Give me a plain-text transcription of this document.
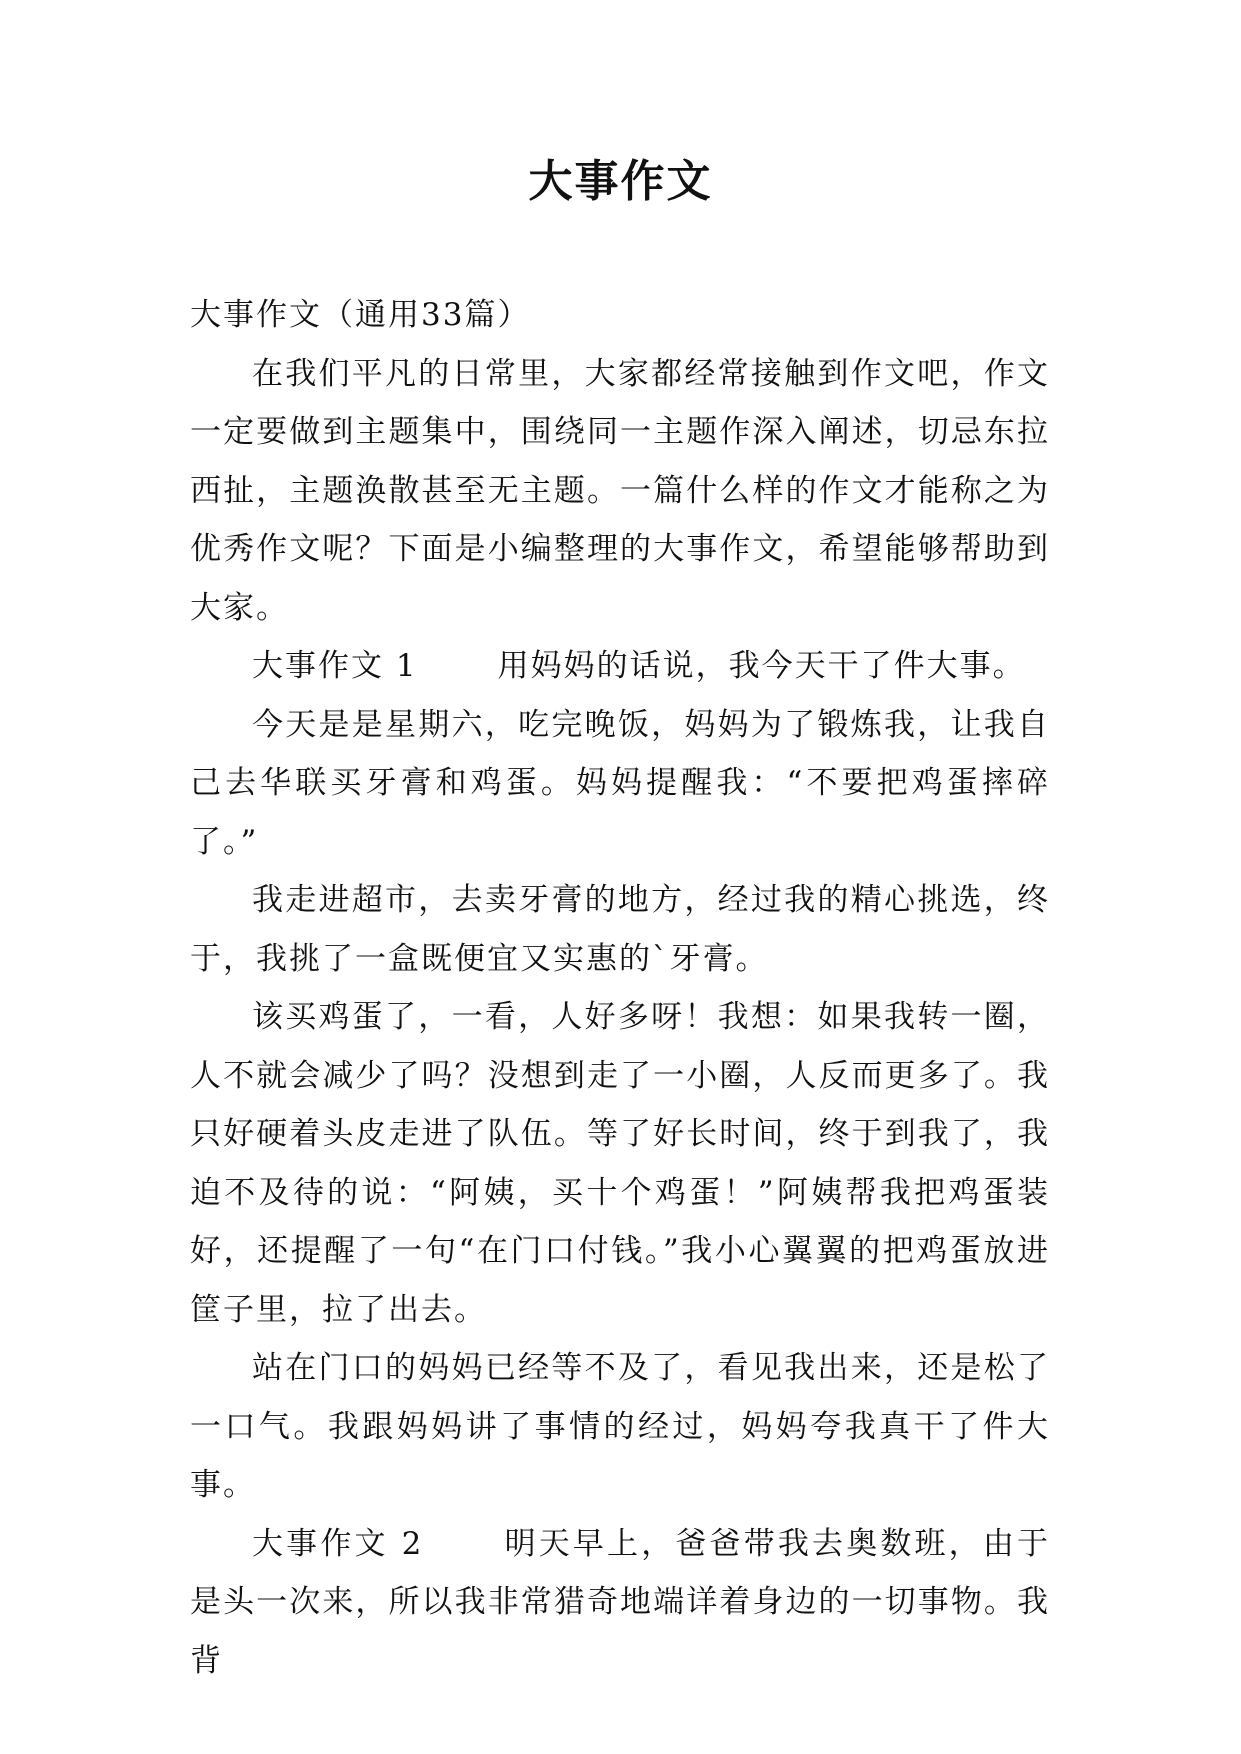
大事作文

大事作文（通用33篇）

在我们平凡的日常里，大家都经常接触到作文吧，作文一定要做到主题集中，围绕同一主题作深入阐述，切忌东拉西扯，主题涣散甚至无主题。一篇什么样的作文才能称之为优秀作文呢？下面是小编整理的大事作文，希望能够帮助到大家。

大事作文 1	用妈妈的话说，我今天干了件大事。

今天是是星期六，吃完晚饭，妈妈为了锻炼我，让我自己去华联买牙膏和鸡蛋。妈妈提醒我：“不要把鸡蛋摔碎了。”

我走进超市，去卖牙膏的地方，经过我的精心挑选，终于，我挑了一盒既便宜又实惠的`牙膏。

该买鸡蛋了，一看，人好多呀！我想：如果我转一圈，人不就会减少了吗？没想到走了一小圈，人反而更多了。我只好硬着头皮走进了队伍。等了好长时间，终于到我了，我迫不及待的说：“阿姨，买十个鸡蛋！”阿姨帮我把鸡蛋装好，还提醒了一句“在门口付钱。”我小心翼翼的把鸡蛋放进筐子里，拉了出去。

站在门口的妈妈已经等不及了，看见我出来，还是松了一口气。我跟妈妈讲了事情的经过，妈妈夸我真干了件大事。

大事作文 2	明天早上，爸爸带我去奥数班，由于是头一次来，所以我非常猎奇地端详着身边的一切事物。我背
